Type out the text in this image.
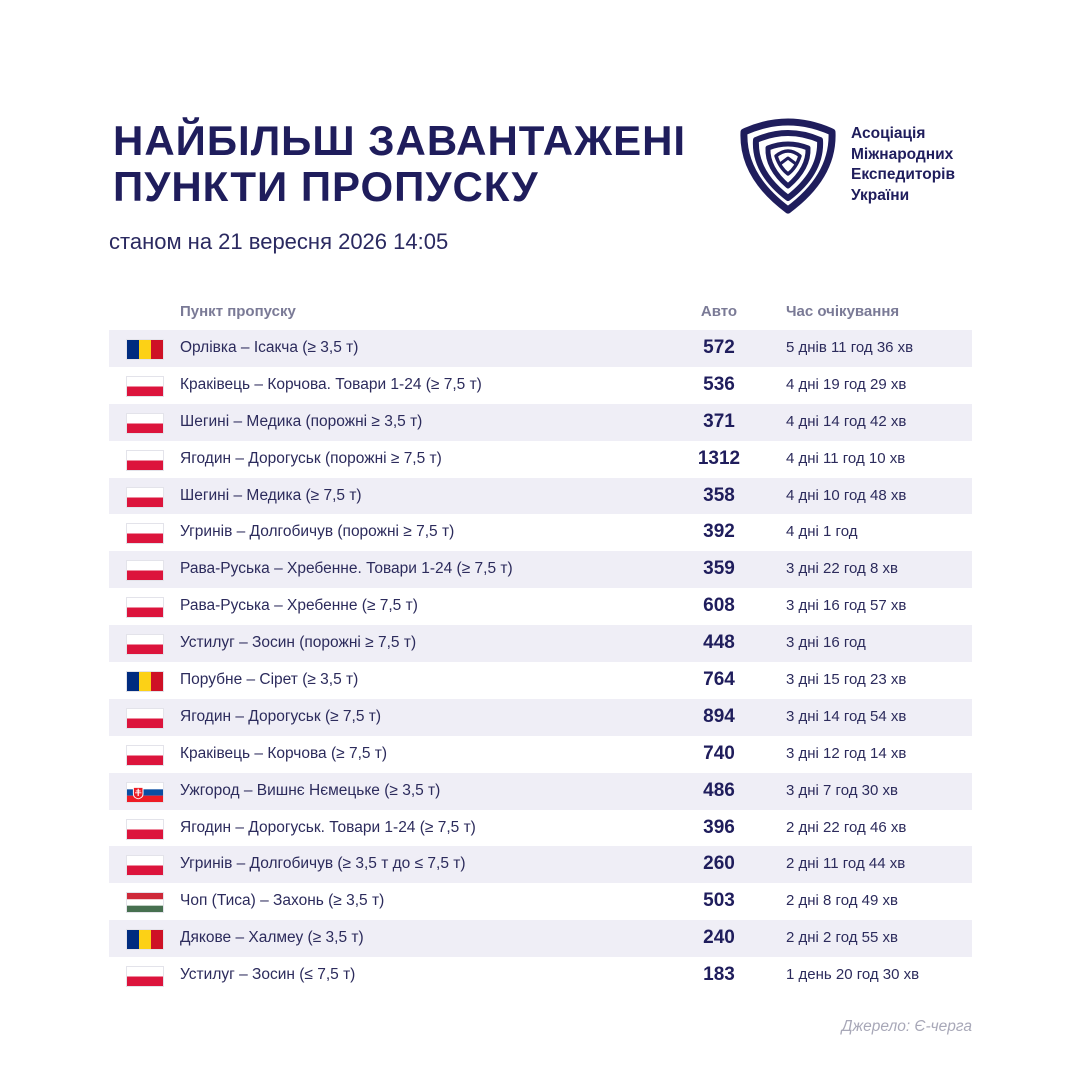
НАЙБІЛЬШ ЗАВАНТАЖЕНІ
ПУНКТИ ПРОПУСКУ

станом на 21 вересня 2026 14:05

Асоціація
Міжнародних
Експедиторів
України
Пункт пропуску	Авто	Час очікування
Орлівка – Ісакча (≥ 3,5 т)	572	5 днів 11 год 36 хв
Краківець – Корчова. Товари 1-24 (≥ 7,5 т)	536	4 дні 19 год 29 хв
Шегині – Медика (порожні ≥ 3,5 т)	371	4 дні 14 год 42 хв
Ягодин – Дорогуськ (порожні ≥ 7,5 т)	1312	4 дні 11 год 10 хв
Шегині – Медика (≥ 7,5 т)	358	4 дні 10 год 48 хв
Угринів – Долгобичув (порожні ≥ 7,5 т)	392	4 дні 1 год
Рава-Руська – Хребенне. Товари 1-24 (≥ 7,5 т)	359	3 дні 22 год 8 хв
Рава-Руська – Хребенне (≥ 7,5 т)	608	3 дні 16 год 57 хв
Устилуг – Зосин (порожні ≥ 7,5 т)	448	3 дні 16 год
Порубне – Сірет (≥ 3,5 т)	764	3 дні 15 год 23 хв
Ягодин – Дорогуськ (≥ 7,5 т)	894	3 дні 14 год 54 хв
Краківець – Корчова (≥ 7,5 т)	740	3 дні 12 год 14 хв
Ужгород – Вишнє Нємецьке (≥ 3,5 т)	486	3 дні 7 год 30 хв
Ягодин – Дорогуськ. Товари 1-24 (≥ 7,5 т)	396	2 дні 22 год 46 хв
Угринів – Долгобичув (≥ 3,5 т до ≤ 7,5 т)	260	2 дні 11 год 44 хв
Чоп (Тиса) – Захонь (≥ 3,5 т)	503	2 дні 8 год 49 хв
Дякове – Халмеу (≥ 3,5 т)	240	2 дні 2 год 55 хв
Устилуг – Зосин (≤ 7,5 т)	183	1 день 20 год 30 хв
Джерело: Є-черга
